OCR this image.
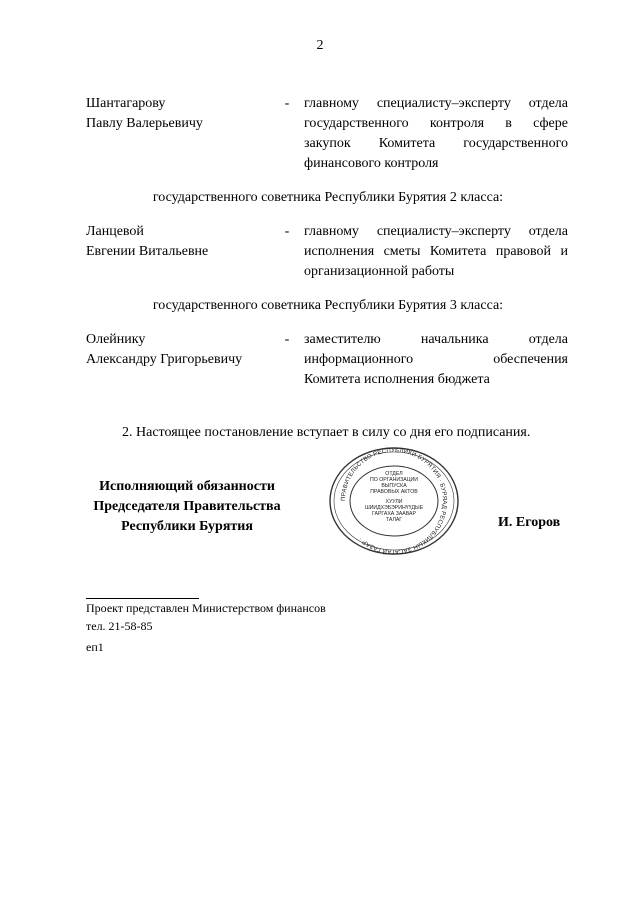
2
Шантагарову
Павлу Валерьевичу
- главному специалисту–эксперту отдела
государственного контроля в сфере
закупок Комитета государственного
финансового контроля
государственного советника Республики Бурятия 2 класса:
Ланцевой
Евгении Витальевне
- главному специалисту–эксперту отдела
исполнения сметы Комитета правовой и
организационной работы
государственного советника Республики Бурятия 3 класса:
Олейнику
Александру Григорьевичу
- заместителю начальника отдела
информационного обеспечения
Комитета исполнения бюджета
2. Настоящее постановление вступает в силу со дня его подписания.
Исполняющий обязанности
Председателя Правительства
Республики Бурятия
ПРАВИТЕЛЬСТВО РЕСПУБЛИКИ БУРЯТИЯ · БУРЯАД РЕСПУБЛИКЫН ЗАСАГАЙ ГАЗАР ·
ОТДЕЛ
ПО ОРГАНИЗАЦИИ
ВЫПУСКА
ПРАВОВЫХ АКТОВ
ХУУЛИ
ШИИДХЭБЭРИНҮҮДЫЕ
ГАРГАХА ЗААВАР
ТАЛАГ	И. Егоров
Проект представлен Министерством финансов
тел. 21-58-85
еп1
